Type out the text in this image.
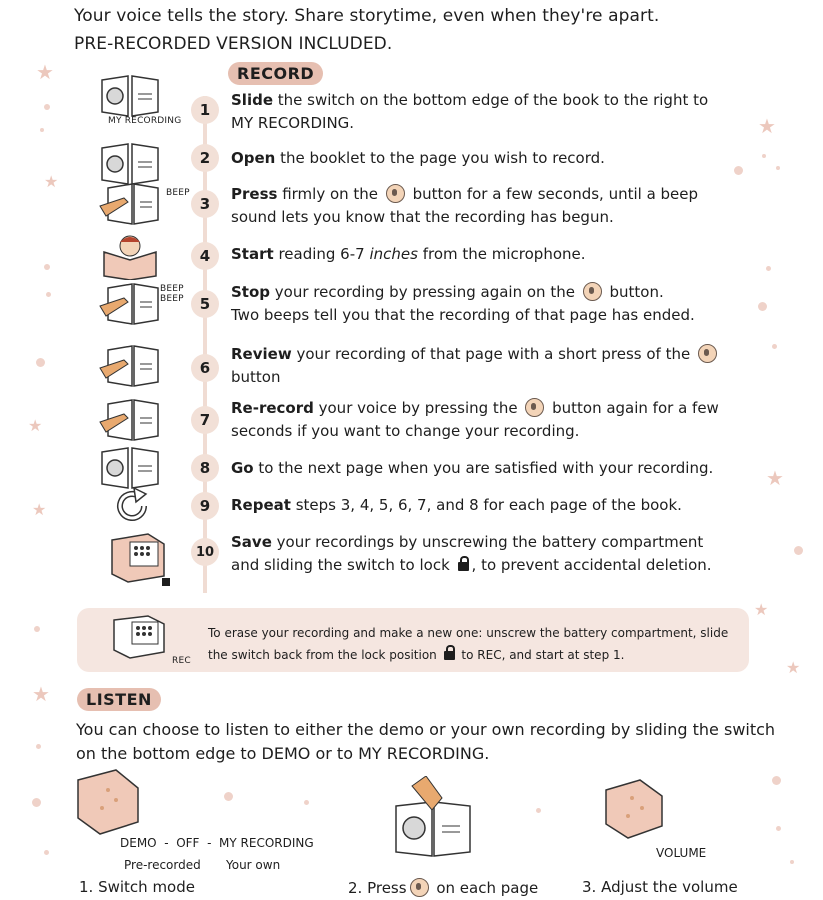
★
★
★
★
★
★
★
★
★
Your voice tells the story. Share storytime, even when they're apart.
PRE-RECORDED VERSION INCLUDED.
RECORD
MY RECORDING
BEEP
BEEP
BEEP
1
2
3
4
5
6
7
8
9
10
Slide the switch on the bottom edge of the book to the right to MY RECORDING.
Open the booklet to the page you wish to record.
Press firmly on the  button for a few seconds, until a beep sound lets you know that the recording has begun.
Start reading 6-7 inches from the microphone.
Stop your recording by pressing again on the  button.
Two beeps tell you that the recording of that page has ended.
Review your recording of that page with a short press of the button
Re-record your voice by pressing the  button again for a few seconds if you want to change your recording.
Go to the next page when you are satisfied with your recording.
Repeat steps 3, 4, 5, 6, 7, and 8 for each page of the book.
Save your recordings by unscrewing the battery compartment and sliding the switch to lock , to prevent accidental deletion.
REC
To erase your recording and make a new one: unscrew the battery compartment, slide the switch back from the lock position  to REC, and start at step 1.
LISTEN
You can choose to listen to either the demo or your own recording by sliding the switch on the bottom edge to DEMO or to MY RECORDING.
DEMO  -  OFF  -  MY RECORDING
Pre-recorded Your own
1. Switch mode	2. Press on each page
VOLUME
3. Adjust the volume
